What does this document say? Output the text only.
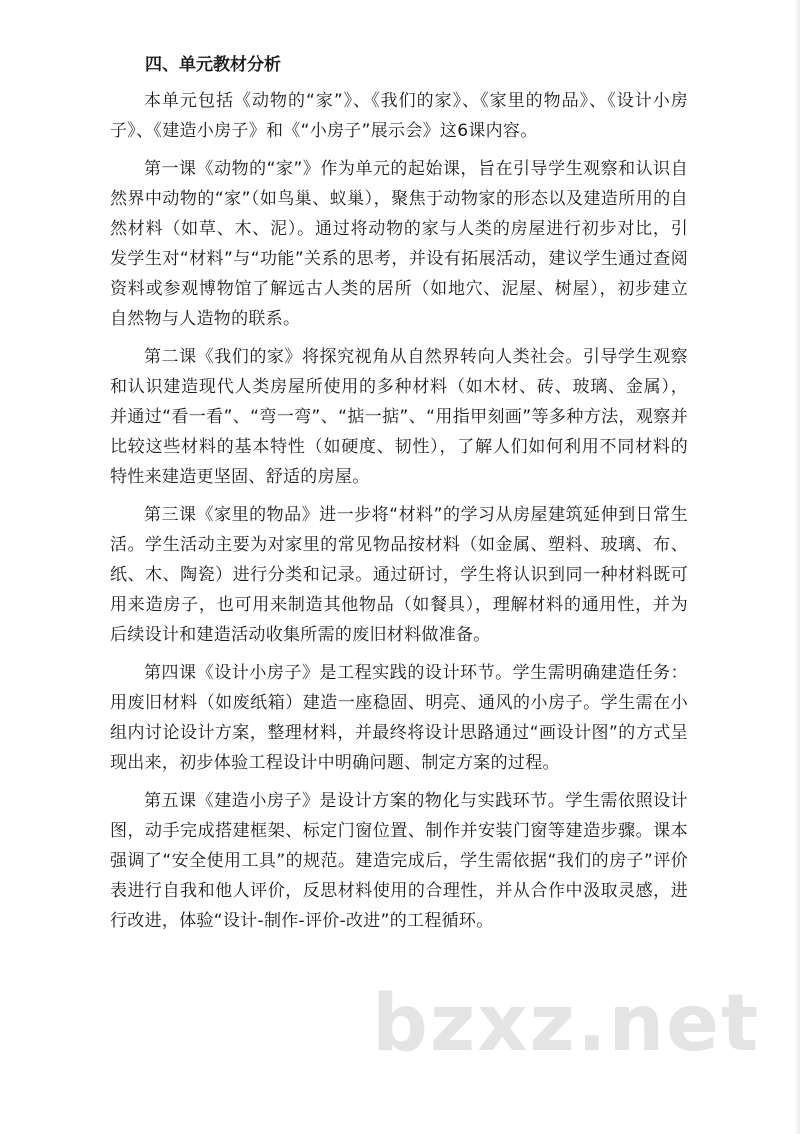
四、单元教材分析

本单元包括《动物的“家”》、《我们的家》、《家里的物品》、《设计小房子》、《建造小房子》和《“小房子”展示会》这6课内容。

第一课《动物的“家”》作为单元的起始课，旨在引导学生观察和认识自然界中动物的“家”（如鸟巢、蚁巢），聚焦于动物家的形态以及建造所用的自然材料（如草、木、泥）。通过将动物的家与人类的房屋进行初步对比，引发学生对“材料”与“功能”关系的思考，并设有拓展活动，建议学生通过查阅资料或参观博物馆了解远古人类的居所（如地穴、泥屋、树屋），初步建立自然物与人造物的联系。

第二课《我们的家》将探究视角从自然界转向人类社会。引导学生观察和认识建造现代人类房屋所使用的多种材料（如木材、砖、玻璃、金属），并通过“看一看”、“弯一弯”、“掂一掂”、“用指甲刻画”等多种方法，观察并比较这些材料的基本特性（如硬度、韧性），了解人们如何利用不同材料的特性来建造更坚固、舒适的房屋。

第三课《家里的物品》进一步将“材料”的学习从房屋建筑延伸到日常生活。学生活动主要为对家里的常见物品按材料（如金属、塑料、玻璃、布、纸、木、陶瓷）进行分类和记录。通过研讨，学生将认识到同一种材料既可用来造房子，也可用来制造其他物品（如餐具），理解材料的通用性，并为后续设计和建造活动收集所需的废旧材料做准备。

第四课《设计小房子》是工程实践的设计环节。学生需明确建造任务：用废旧材料（如废纸箱）建造一座稳固、明亮、通风的小房子。学生需在小组内讨论设计方案，整理材料，并最终将设计思路通过“画设计图”的方式呈现出来，初步体验工程设计中明确问题、制定方案的过程。

第五课《建造小房子》是设计方案的物化与实践环节。学生需依照设计图，动手完成搭建框架、标定门窗位置、制作并安装门窗等建造步骤。课本强调了“安全使用工具”的规范。建造完成后，学生需依据“我们的房子”评价表进行自我和他人评价，反思材料使用的合理性，并从合作中汲取灵感，进行改进，体验“设计-制作-评价-改进”的工程循环。

bzxz.net
